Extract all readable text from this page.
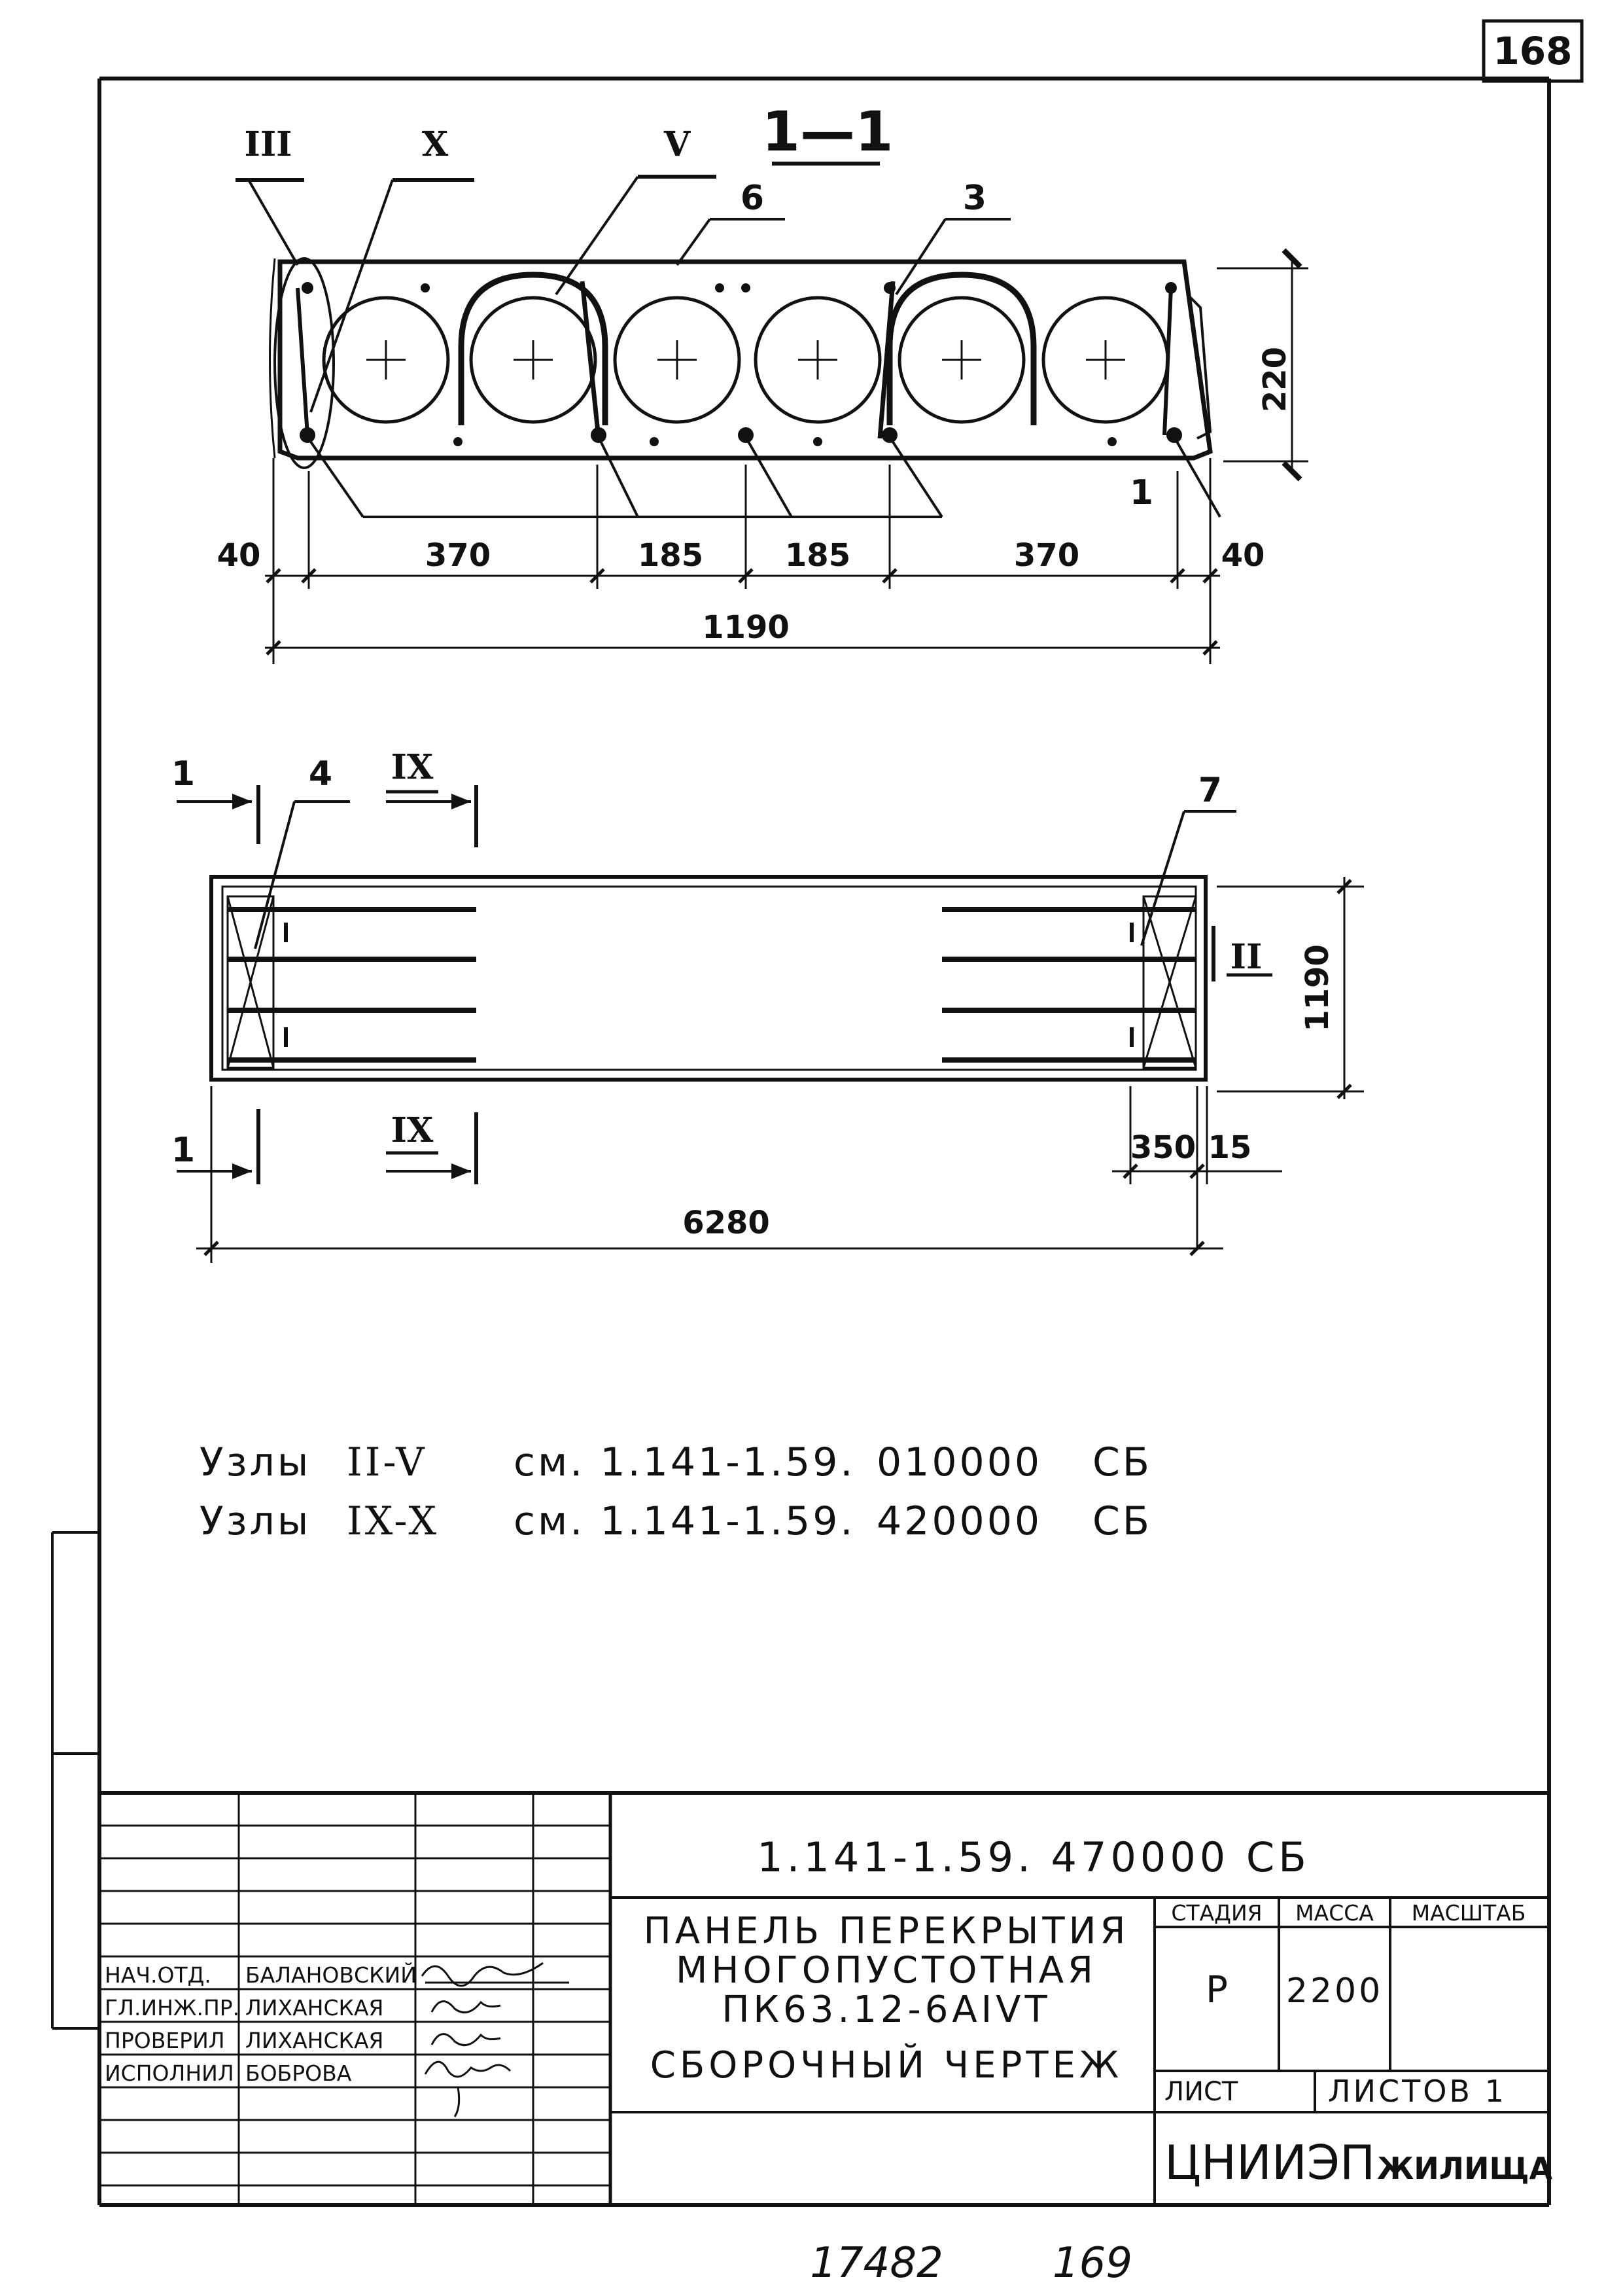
168
1—1
III	X	V
6	3
1
220
40	370	185	185	370	40
1190
1
1
IX
IX
4	7
II 1190
350 15
6280
Узлы II-V см. 1.141-1.59. 010000 СБ
Узлы IX-X см. 1.141-1.59. 420000 СБ
1.141-1.59. 470000 СБ
ПАНЕЛЬ ПЕРЕКРЫТИЯ
МНОГОПУСТОТНАЯ
ПК63.12-6АIVТ
СБОРОЧНЫЙ ЧЕРТЕЖ
СТАДИЯ МАССА МАСШТАБ
Р 2200
ЛИСТ	ЛИСТОВ 1
ЦНИИЭП ЖИЛИЩА
НАЧ.ОТД. БАЛАНОВСКИЙ
ГЛ.ИНЖ.ПР. ЛИХАНСКАЯ
ПРОВЕРИЛ ЛИХАНСКАЯ
ИСПОЛНИЛ БОБРОВА
17482	169
